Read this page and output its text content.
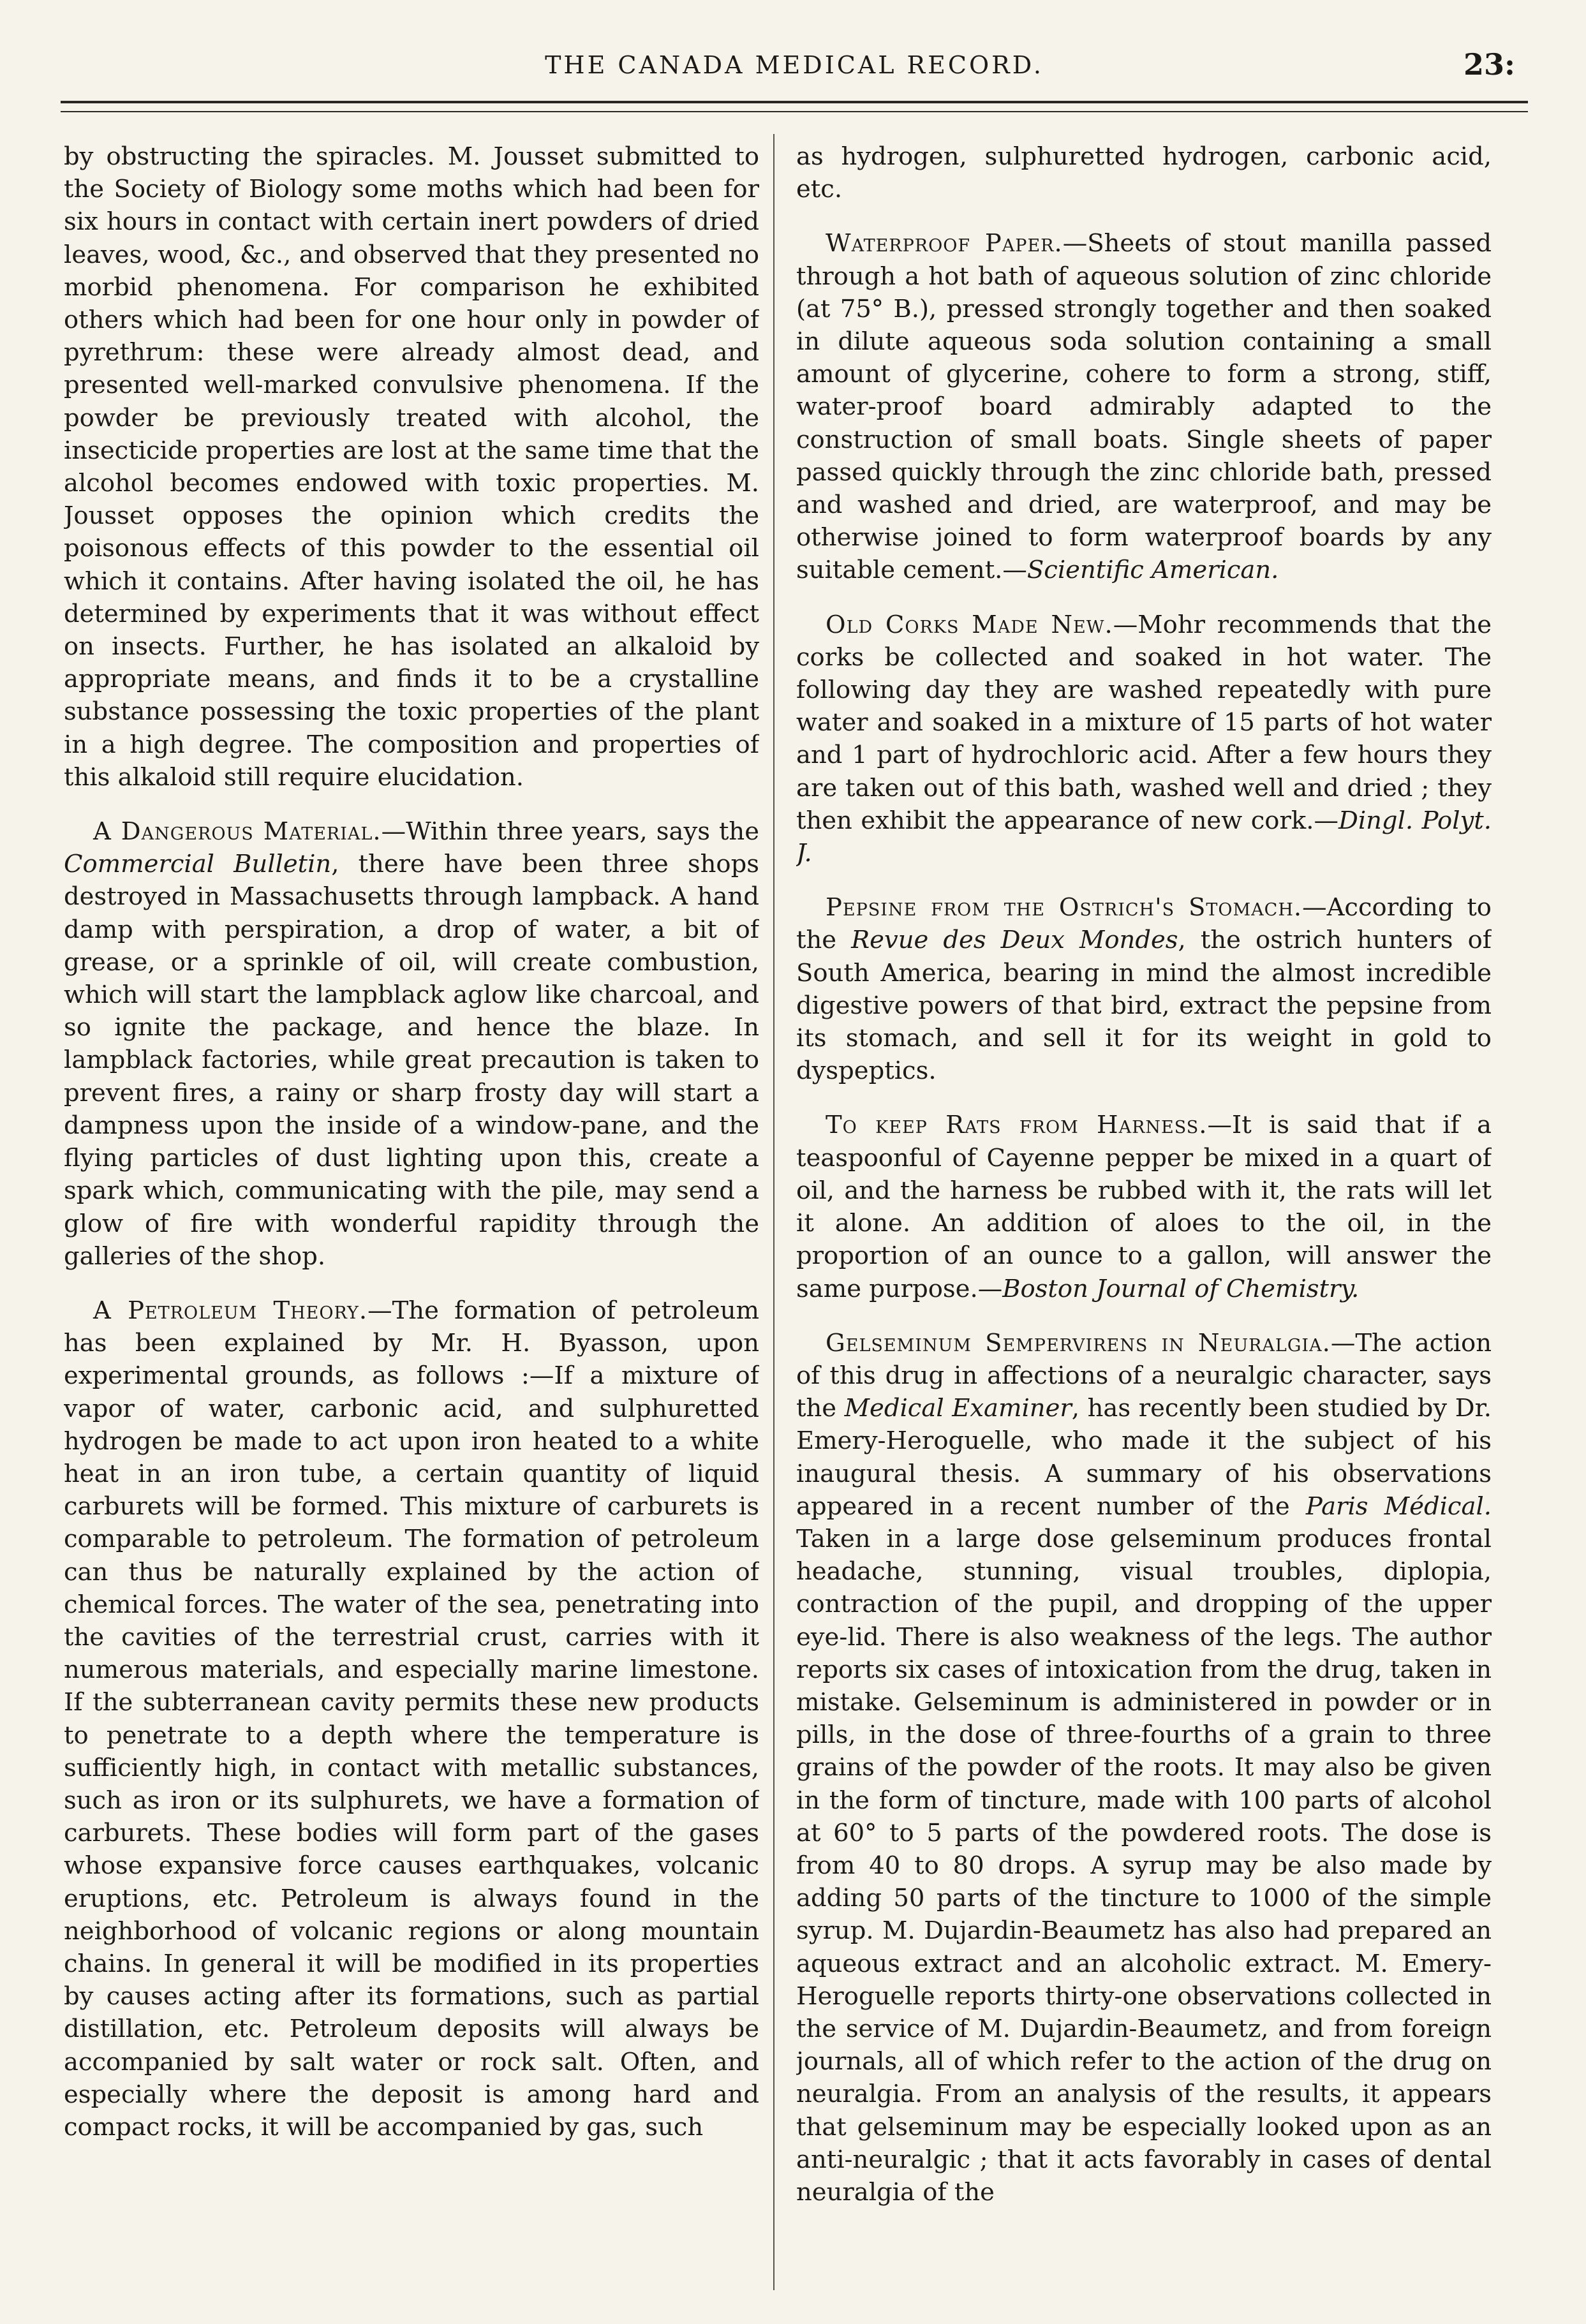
THE CANADA MEDICAL RECORD.	23:

by obstructing the spiracles. M. Jousset submitted to the Society of Biology some moths which had been for six hours in contact with certain inert powders of dried leaves, wood, &c., and observed that they presented no morbid phenomena. For comparison he exhibited others which had been for one hour only in powder of pyrethrum: these were already almost dead, and presented well-marked convulsive phenomena. If the powder be previously treated with alcohol, the insecticide properties are lost at the same time that the alcohol becomes endowed with toxic properties. M. Jousset opposes the opinion which credits the poisonous effects of this powder to the essential oil which it contains. After having isolated the oil, he has determined by experiments that it was without effect on insects. Further, he has isolated an alkaloid by appropriate means, and finds it to be a crystalline substance possessing the toxic properties of the plant in a high degree. The composition and properties of this alkaloid still require elucidation.

A Dangerous Material.—Within three years, says the Commercial Bulletin, there have been three shops destroyed in Massachusetts through lampback. A hand damp with perspiration, a drop of water, a bit of grease, or a sprinkle of oil, will create combustion, which will start the lampblack aglow like charcoal, and so ignite the package, and hence the blaze. In lampblack factories, while great precaution is taken to prevent fires, a rainy or sharp frosty day will start a dampness upon the inside of a window-pane, and the flying particles of dust lighting upon this, create a spark which, communicating with the pile, may send a glow of fire with wonderful rapidity through the galleries of the shop.

A Petroleum Theory.—The formation of petroleum has been explained by Mr. H. Byasson, upon experimental grounds, as follows :—If a mixture of vapor of water, carbonic acid, and sulphuretted hydrogen be made to act upon iron heated to a white heat in an iron tube, a certain quantity of liquid carburets will be formed. This mixture of carburets is comparable to petroleum. The formation of petroleum can thus be naturally explained by the action of chemical forces. The water of the sea, penetrating into the cavities of the terrestrial crust, carries with it numerous materials, and especially marine limestone. If the subterranean cavity permits these new products to penetrate to a depth where the temperature is sufficiently high, in contact with metallic substances, such as iron or its sulphurets, we have a formation of carburets. These bodies will form part of the gases whose expansive force causes earthquakes, volcanic eruptions, etc. Petroleum is always found in the neighborhood of volcanic regions or along mountain chains. In general it will be modified in its properties by causes acting after its formations, such as partial distillation, etc. Petroleum deposits will always be accompanied by salt water or rock salt. Often, and especially where the deposit is among hard and compact rocks, it will be accompanied by gas, such

as hydrogen, sulphuretted hydrogen, carbonic acid, etc.

Waterproof Paper.—Sheets of stout manilla passed through a hot bath of aqueous solution of zinc chloride (at 75° B.), pressed strongly together and then soaked in dilute aqueous soda solution containing a small amount of glycerine, cohere to form a strong, stiff, water-proof board admirably adapted to the construction of small boats. Single sheets of paper passed quickly through the zinc chloride bath, pressed and washed and dried, are waterproof, and may be otherwise joined to form waterproof boards by any suitable cement.—Scientific American.

Old Corks Made New.—Mohr recommends that the corks be collected and soaked in hot water. The following day they are washed repeatedly with pure water and soaked in a mixture of 15 parts of hot water and 1 part of hydrochloric acid. After a few hours they are taken out of this bath, washed well and dried ; they then exhibit the appearance of new cork.—Dingl. Polyt. J.

Pepsine from the Ostrich's Stomach.—According to the Revue des Deux Mondes, the ostrich hunters of South America, bearing in mind the almost incredible digestive powers of that bird, extract the pepsine from its stomach, and sell it for its weight in gold to dyspeptics.

To keep Rats from Harness.—It is said that if a teaspoonful of Cayenne pepper be mixed in a quart of oil, and the harness be rubbed with it, the rats will let it alone. An addition of aloes to the oil, in the proportion of an ounce to a gallon, will answer the same purpose.—Boston Journal of Chemistry.

Gelseminum Sempervirens in Neuralgia.—The action of this drug in affections of a neuralgic character, says the Medical Examiner, has recently been studied by Dr. Emery-Heroguelle, who made it the subject of his inaugural thesis. A summary of his observations appeared in a recent number of the Paris Médical. Taken in a large dose gelseminum produces frontal headache, stunning, visual troubles, diplopia, contraction of the pupil, and dropping of the upper eye-lid. There is also weakness of the legs. The author reports six cases of intoxication from the drug, taken in mistake. Gelseminum is administered in powder or in pills, in the dose of three-fourths of a grain to three grains of the powder of the roots. It may also be given in the form of tincture, made with 100 parts of alcohol at 60° to 5 parts of the powdered roots. The dose is from 40 to 80 drops. A syrup may be also made by adding 50 parts of the tincture to 1000 of the simple syrup. M. Dujardin-Beaumetz has also had prepared an aqueous extract and an alcoholic extract. M. Emery-Heroguelle reports thirty-one observations collected in the service of M. Dujardin-Beaumetz, and from foreign journals, all of which refer to the action of the drug on neuralgia. From an analysis of the results, it appears that gelseminum may be especially looked upon as an anti-neuralgic ; that it acts favorably in cases of dental neuralgia of the
